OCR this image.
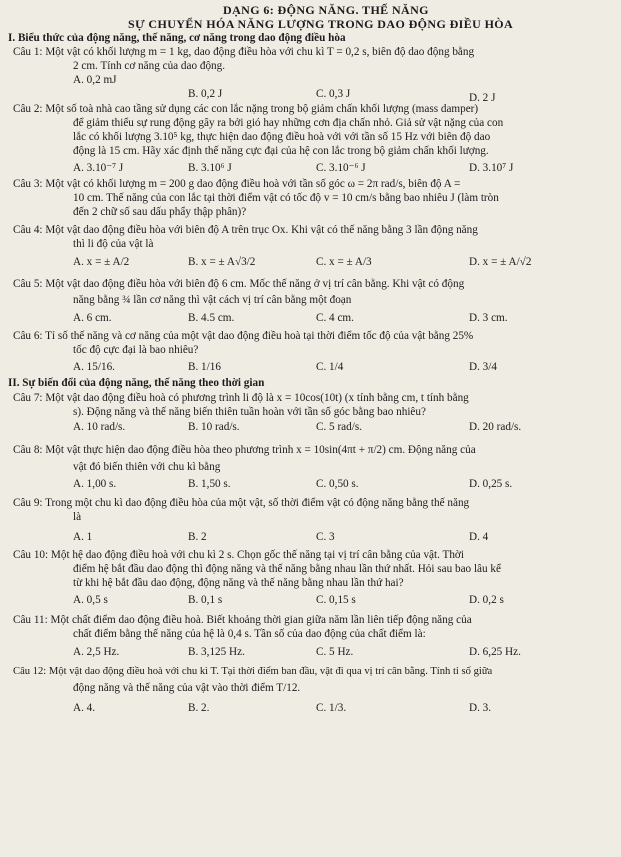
DẠNG 6: ĐỘNG NĂNG. THẾ NĂNG
SỰ CHUYỂN HÓA NĂNG LƯỢNG TRONG DAO ĐỘNG ĐIỀU HÒA
I. Biểu thức của động năng, thế năng, cơ năng trong dao động điều hòa
Câu 1: Một vật có khối lượng m = 1 kg, dao động điều hòa với chu kì T = 0,2 s, biên độ dao động bằng
2 cm. Tính cơ năng của dao động.
A. 0,2 mJ
B. 0,2 J	C. 0,3 J	D. 2 J
Câu 2: Một số toà nhà cao tầng sử dụng các con lắc nặng trong bộ giảm chấn khối lượng (mass damper)
để giảm thiểu sự rung động gây ra bởi gió hay những cơn địa chấn nhỏ. Giả sử vật nặng của con
lắc có khối lượng 3.10⁵ kg, thực hiện dao động điều hoà với với tần số 15 Hz với biên độ dao
động là 15 cm. Hãy xác định thế năng cực đại của hệ con lắc trong bộ giảm chấn khối lượng.
A. 3.10⁻⁷ J	B. 3.10⁶ J	C. 3.10⁻⁶ J	D. 3.10⁷ J
Câu 3: Một vật có khối lượng m = 200 g dao động điều hoà với tần số góc ω = 2π rad/s, biên độ A =
10 cm. Thế năng của con lắc tại thời điểm vật có tốc độ v = 10 cm/s bằng bao nhiêu J (làm tròn
đến 2 chữ số sau dấu phẩy thập phân)?
Câu 4: Một vật dao động điều hòa với biên độ A trên trục Ox. Khi vật có thế năng bằng 3 lần động năng
thì li độ của vật là
A. x = ± A/2	B. x = ± A√3/2	C. x = ± A/3	D. x = ± A/√2
Câu 5: Một vật dao động điều hòa với biên độ 6 cm. Mốc thế năng ở vị trí cân bằng. Khi vật có động
năng bằng ¾ lần cơ năng thì vật cách vị trí cân bằng một đoạn
A. 6 cm.	B. 4.5 cm.	C. 4 cm.	D. 3 cm.
Câu 6: Tỉ số thế năng và cơ năng của một vật dao động điều hoà tại thời điểm tốc độ của vật bằng 25%
tốc độ cực đại là bao nhiêu?
A. 15/16.	B. 1/16	C. 1/4	D. 3/4
II. Sự biến đổi của động năng, thế năng theo thời gian
Câu 7: Một vật dao động điều hoà có phương trình li độ là x = 10cos(10t) (x tính bằng cm, t tính bằng
s). Động năng và thế năng biến thiên tuần hoàn với tần số góc bằng bao nhiêu?
A. 10 rad/s.	B. 10 rad/s.	C. 5 rad/s.	D. 20 rad/s.
Câu 8: Một vật thực hiện dao động điều hòa theo phương trình x = 10sin(4πt + π/2) cm. Động năng của
vật đó biến thiên với chu kì bằng
A. 1,00 s.	B. 1,50 s.	C. 0,50 s.	D. 0,25 s.
Câu 9: Trong một chu kì dao động điều hòa của một vật, số thời điểm vật có động năng bằng thế năng
là
A. 1	B. 2	C. 3	D. 4
Câu 10: Một hệ dao động điều hoà với chu kì 2 s. Chọn gốc thế năng tại vị trí cân bằng của vật. Thời
điểm hệ bắt đầu dao động thì động năng và thế năng bằng nhau lần thứ nhất. Hỏi sau bao lâu kể
từ khi hệ bắt đầu dao động, động năng và thế năng bằng nhau lần thứ hai?
A. 0,5 s	B. 0,1 s	C. 0,15 s	D. 0,2 s
Câu 11: Một chất điểm dao động điều hoà. Biết khoảng thời gian giữa năm lần liên tiếp động năng của
chất điểm bằng thế năng của hệ là 0,4 s. Tần số của dao động của chất điểm là:
A. 2,5 Hz.	B. 3,125 Hz.	C. 5 Hz.	D. 6,25 Hz.
Câu 12: Một vật dao động điều hoà với chu kì T. Tại thời điểm ban đầu, vật đi qua vị trí cân bằng. Tính tỉ số giữa
động năng và thế năng của vật vào thời điểm T/12.
A. 4.	B. 2.	C. 1/3.	D. 3.
